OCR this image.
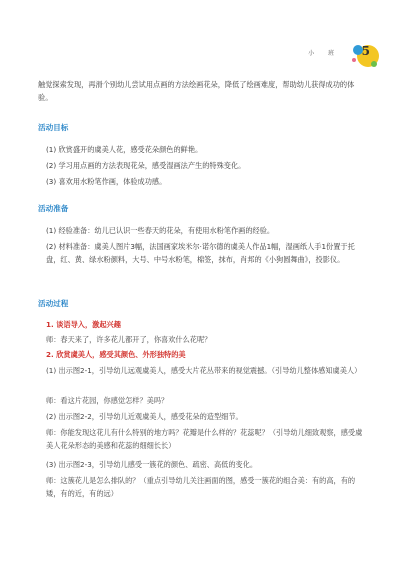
小 班 5

触觉探索发现，再滑个别幼儿尝试用点画的方法绘画花朵，降低了绘画难度，帮助幼儿获得成功的体验。

活动目标

(1) 欣赏盛开的虞美人花，感受花朵颜色的鲜艳。

(2) 学习用点画的方法表现花朵，感受湿画法产生的特殊变化。

(3) 喜欢用水粉笔作画，体验成功感。

活动准备

(1) 经验准备：幼儿已认识一些春天的花朵，有使用水粉笔作画的经验。

(2) 材料准备：虞美人图片3幅，法国画家埃米尔·诺尔德的虞美人作品1幅，湿画纸人手1份置于托盘，红、黄、绿水粉颜料，大号、中号水粉笔，棉签，抹布，肖邦的《小狗圆舞曲》，投影仪。

活动过程

1. 谈语导入，激起兴趣

师：春天来了，许多花儿都开了，你喜欢什么花呢？

2. 欣赏虞美人，感受其颜色、外形独特的美

(1) 出示图2-1，引导幼儿远观虞美人，感受大片花丛带来的视觉震撼。（引导幼儿整体感知虞美人）

师：看这片花园，你感觉怎样？美吗？

(2) 出示图2-2，引导幼儿近观虞美人，感受花朵的造型细节。

师：你能发现这花儿有什么特别的地方吗？花瓣是什么样的？花蕊呢？（引导幼儿细致观察，感受虞美人花朵形态的美感和花蕊的细细长长）

(3) 出示图2-3，引导幼儿感受一簇花的颜色、疏密、高低的变化。

师：这簇花儿是怎么排队的？（重点引导幼儿关注画面的图，感受一簇花的组合美：有的高，有的矮，有的近，有的远）
